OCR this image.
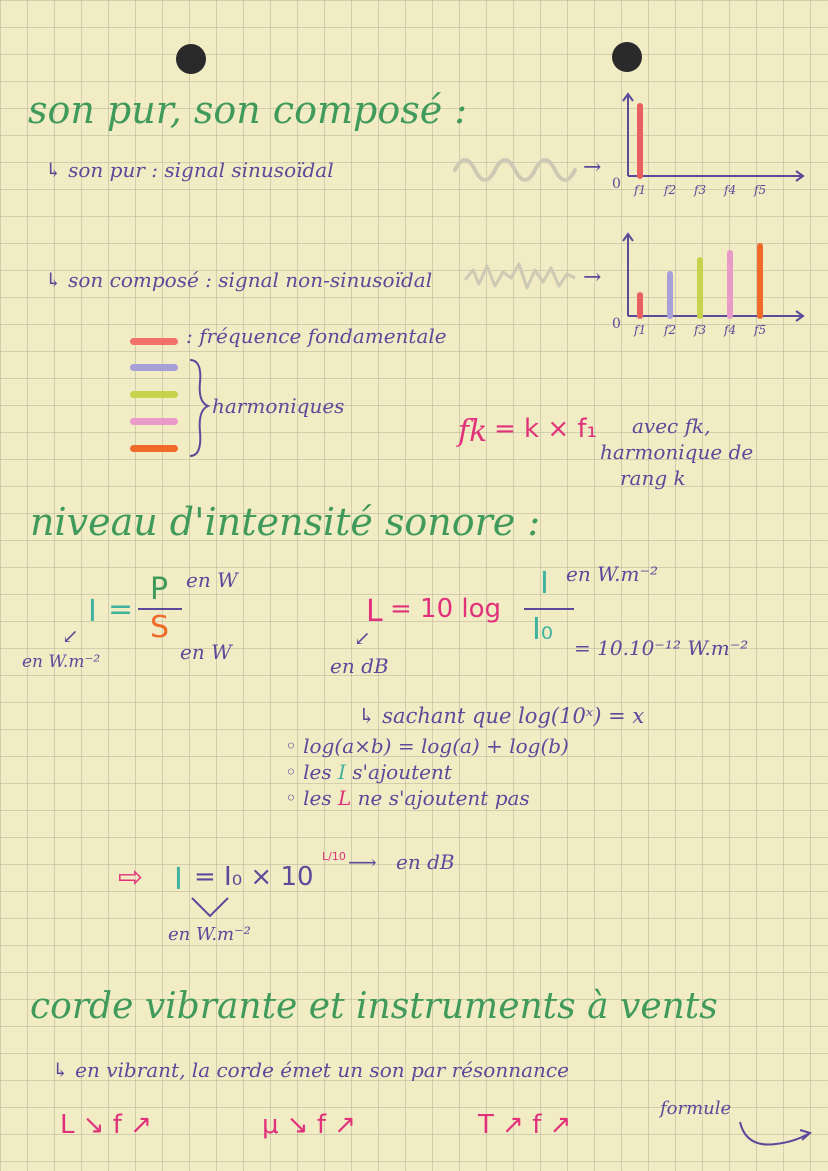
son pur, son composé :
↳ son pur : signal sinusoïdal	→
↳ son composé : signal non-sinusoïdal	→
0 f1 f2 f3 f4 f5
0 f1 f2 f3 f4 f5
: fréquence fondamentale
harmoniques
fk = k × f₁ avec fk,
harmonique de
rang k
niveau d'intensité sonore :
I =
P
S
en W
en W
↙
en W.m⁻²
L = 10 log
I
I₀
en W.m⁻²
= 10.10⁻¹² W.m⁻²
↙
en dB
↳ sachant que log(10ˣ) = x
◦ log(a×b) = log(a) + log(b)
◦ les I s'ajoutent
◦ les L ne s'ajoutent pas
⇨ I = I₀ × 10
L/10 ⟶ en dB
en W.m⁻²
corde vibrante et instruments à vents
↳ en vibrant, la corde émet un son par résonnance
L ↘ f ↗	μ ↘ f ↗	T ↗ f ↗
formule
